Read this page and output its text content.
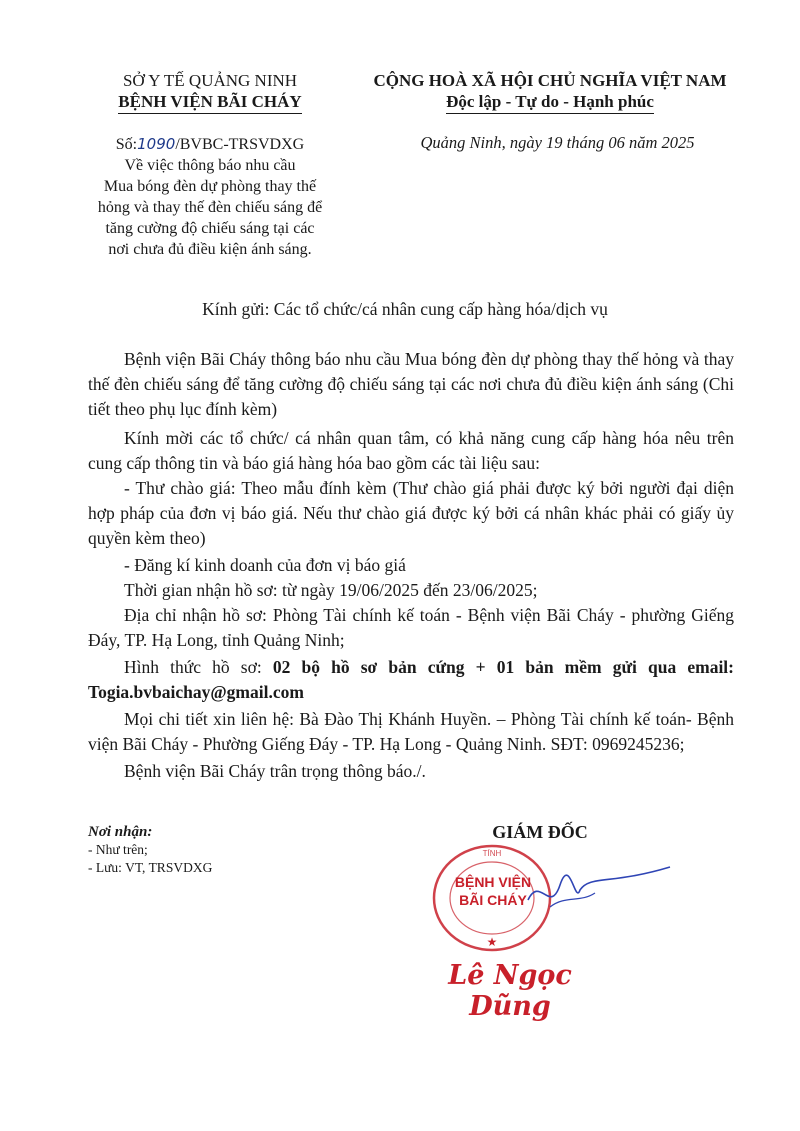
SỞ Y TẾ QUẢNG NINH
BỆNH VIỆN BÃI CHÁY
CỘNG HOÀ XÃ HỘI CHỦ NGHĨA VIỆT NAM
Độc lập - Tự do - Hạnh phúc
Số:1090/BVBC-TRSVDXG	Quảng Ninh, ngày 19 tháng 06 năm 2025
Về việc thông báo nhu cầu
Mua bóng đèn dự phòng thay thế
hỏng và thay thế đèn chiếu sáng để
tăng cường độ chiếu sáng tại các
nơi chưa đủ điều kiện ánh sáng.
Kính gửi: Các tổ chức/cá nhân cung cấp hàng hóa/dịch vụ

Bệnh viện Bãi Cháy thông báo nhu cầu Mua bóng đèn dự phòng thay thế hỏng và thay thế đèn chiếu sáng để tăng cường độ chiếu sáng tại các nơi chưa đủ điều kiện ánh sáng (Chi tiết theo phụ lục đính kèm)

Kính mời các tổ chức/ cá nhân quan tâm, có khả năng cung cấp hàng hóa nêu trên cung cấp thông tin và báo giá hàng hóa bao gồm các tài liệu sau:

- Thư chào giá: Theo mẫu đính kèm (Thư chào giá phải được ký bởi người đại diện hợp pháp của đơn vị báo giá. Nếu thư chào giá được ký bởi cá nhân khác phải có giấy ủy quyền kèm theo)

- Đăng kí kinh doanh của đơn vị báo giá

Thời gian nhận hồ sơ: từ ngày 19/06/2025 đến 23/06/2025;

Địa chỉ nhận hồ sơ: Phòng Tài chính kế toán - Bệnh viện Bãi Cháy - phường Giếng Đáy, TP. Hạ Long, tỉnh Quảng Ninh;

Hình thức hồ sơ: 02 bộ hồ sơ bản cứng + 01 bản mềm gửi qua email: Togia.bvbaichay@gmail.com

Mọi chi tiết xin liên hệ: Bà Đào Thị Khánh Huyền. – Phòng Tài chính kế toán- Bệnh viện Bãi Cháy - Phường Giếng Đáy - TP. Hạ Long - Quảng Ninh. SĐT: 0969245236;

Bệnh viện Bãi Cháy trân trọng thông báo./.

Nơi nhận:
- Như trên;
- Lưu: VT, TRSVDXG
GIÁM ĐỐC
TỈNH
★
BỆNH VIỆN
BÃI CHÁY
Lê Ngọc Dũng
